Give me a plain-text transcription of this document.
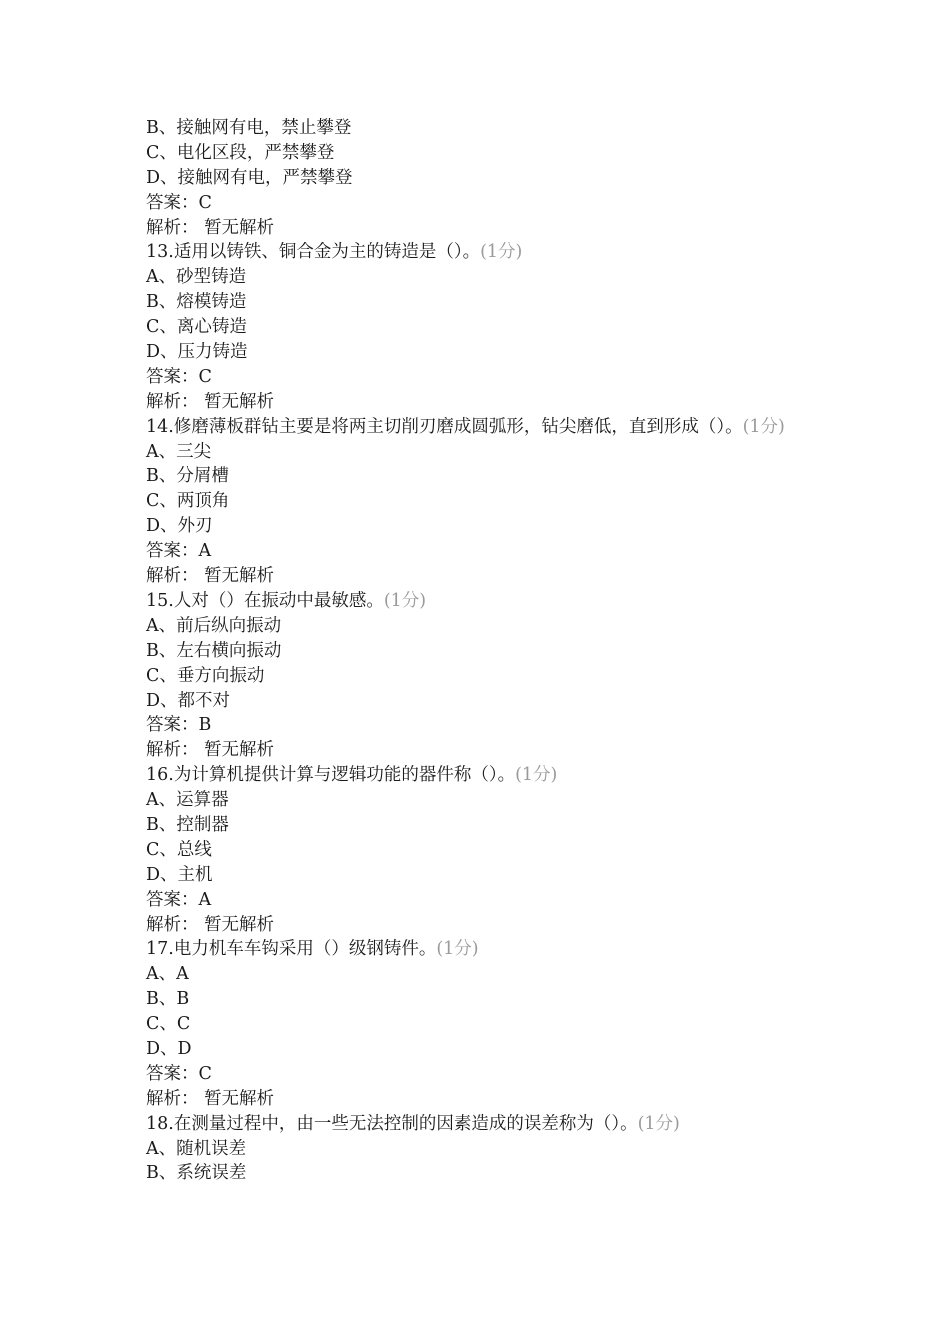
B、接触网有电，禁止攀登
C、电化区段，严禁攀登
D、接触网有电，严禁攀登
答案：C
解析： 暂无解析
13.适用以铸铁、铜合金为主的铸造是（）。(1分)
A、砂型铸造
B、熔模铸造
C、离心铸造
D、压力铸造
答案：C
解析： 暂无解析
14.修磨薄板群钻主要是将两主切削刃磨成圆弧形，钻尖磨低，直到形成（）。(1分)
A、三尖
B、分屑槽
C、两顶角
D、外刃
答案：A
解析： 暂无解析
15.人对（）在振动中最敏感。(1分)
A、前后纵向振动
B、左右横向振动
C、垂方向振动
D、都不对
答案：B
解析： 暂无解析
16.为计算机提供计算与逻辑功能的器件称（）。(1分)
A、运算器
B、控制器
C、总线
D、主机
答案：A
解析： 暂无解析
17.电力机车车钩采用（）级钢铸件。(1分)
A、A
B、B
C、C
D、D
答案：C
解析： 暂无解析
18.在测量过程中，由一些无法控制的因素造成的误差称为（）。(1分)
A、随机误差
B、系统误差
